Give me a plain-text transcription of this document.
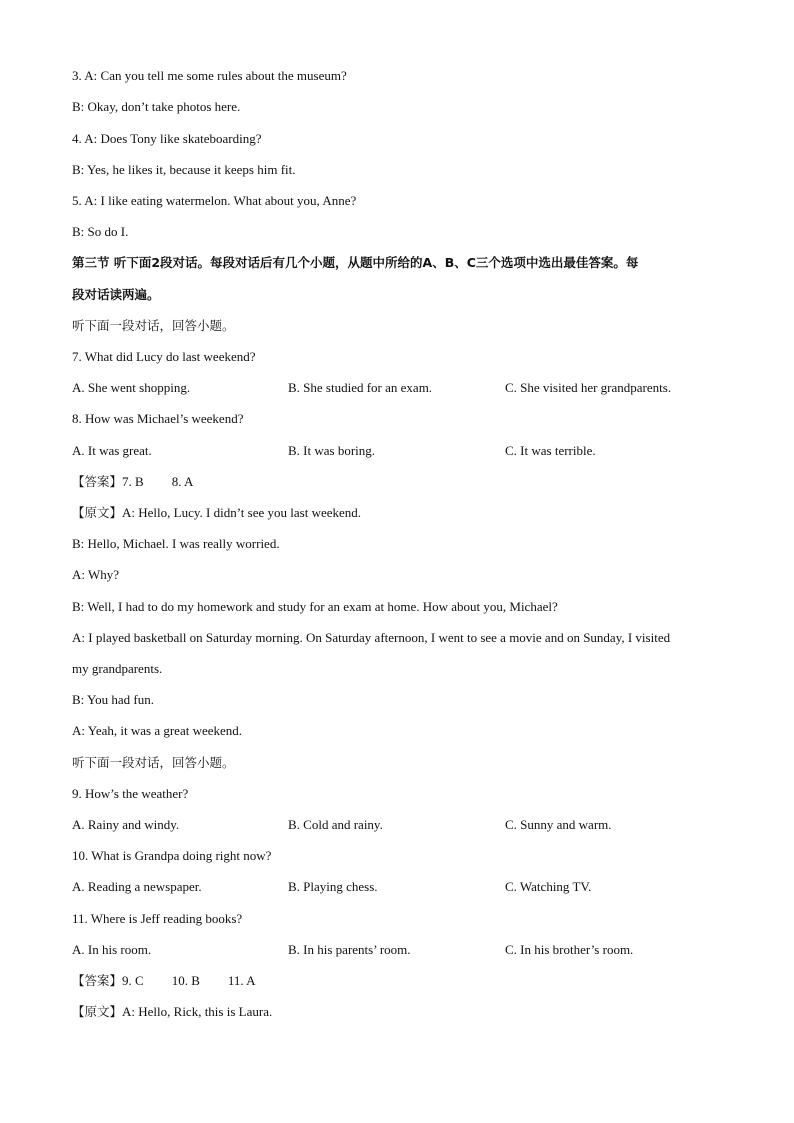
3. A: Can you tell me some rules about the museum?
B: Okay, don’t take photos here.
4. A: Does Tony like skateboarding?
B: Yes, he likes it, because it keeps him fit.
5. A: I like eating watermelon. What about you, Anne?
B: So do I.
第三节 听下面2段对话。每段对话后有几个小题，从题中所给的A、B、C三个选项中选出最佳答案。每
段对话读两遍。
听下面一段对话，回答小题。
7. What did Lucy do last weekend?
A. She went shopping.	B. She studied for an exam.	C. She visited her grandparents.
8. How was Michael’s weekend?
A. It was great.	B. It was boring.	C. It was terrible.
【答案】7. B 8. A
【原文】A: Hello, Lucy. I didn’t see you last weekend.
B: Hello, Michael. I was really worried.
A: Why?
B: Well, I had to do my homework and study for an exam at home. How about you, Michael?
A: I played basketball on Saturday morning. On Saturday afternoon, I went to see a movie and on Sunday, I visited
my grandparents.
B: You had fun.
A: Yeah, it was a great weekend.
听下面一段对话，回答小题。
9. How’s the weather?
A. Rainy and windy.	B. Cold and rainy.	C. Sunny and warm.
10. What is Grandpa doing right now?
A. Reading a newspaper.	B. Playing chess.	C. Watching TV.
11. Where is Jeff reading books?
A. In his room.	B. In his parents’ room.	C. In his brother’s room.
【答案】9. C 10. B 11. A
【原文】A: Hello, Rick, this is Laura.
